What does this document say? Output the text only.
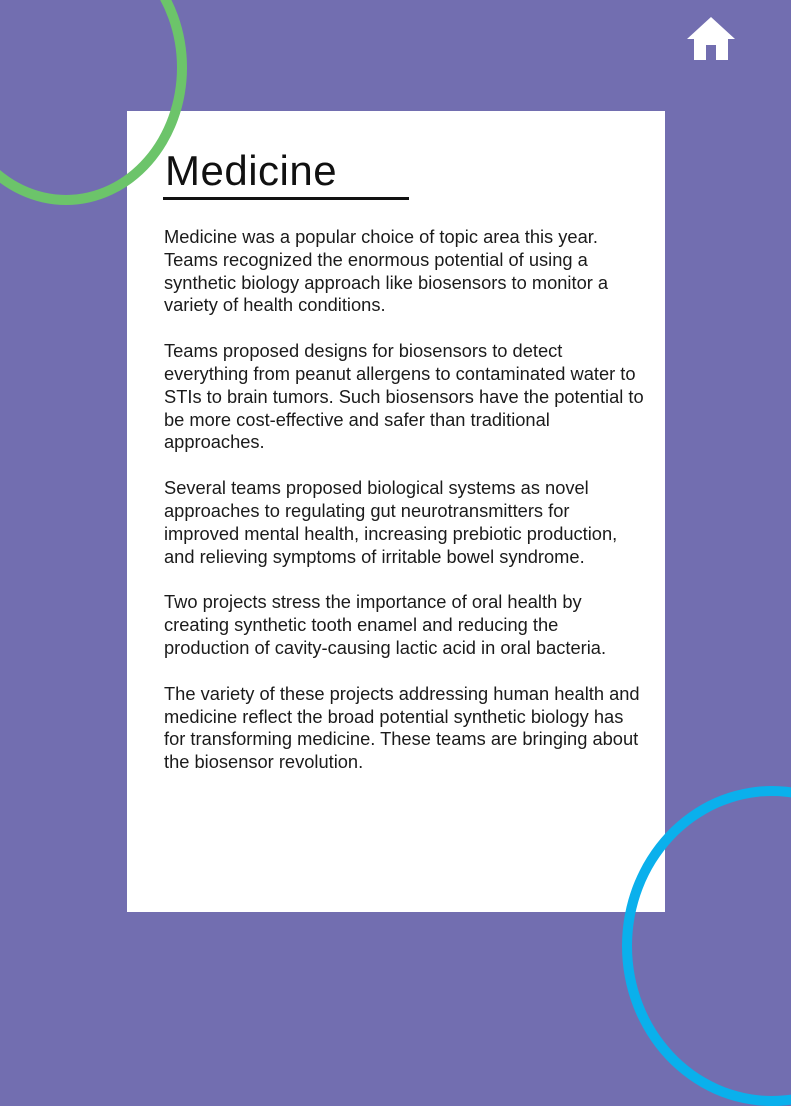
Medicine

Medicine was a popular choice of topic area this year. Teams recognized the enormous potential of using a synthetic biology approach like biosensors to monitor a variety of health conditions.

Teams proposed designs for biosensors to detect everything from peanut allergens to contaminated water to STIs to brain tumors. Such biosensors have the potential to be more cost-effective and safer than traditional approaches.

Several teams proposed biological systems as novel approaches to regulating gut neurotransmitters for improved mental health, increasing prebiotic production, and relieving symptoms of irritable bowel syndrome.

Two projects stress the importance of oral health by creating synthetic tooth enamel and reducing the production of cavity-causing lactic acid in oral bacteria.

The variety of these projects addressing human health and medicine reflect the broad potential synthetic biology has for transforming medicine. These teams are bringing about the biosensor revolution.
